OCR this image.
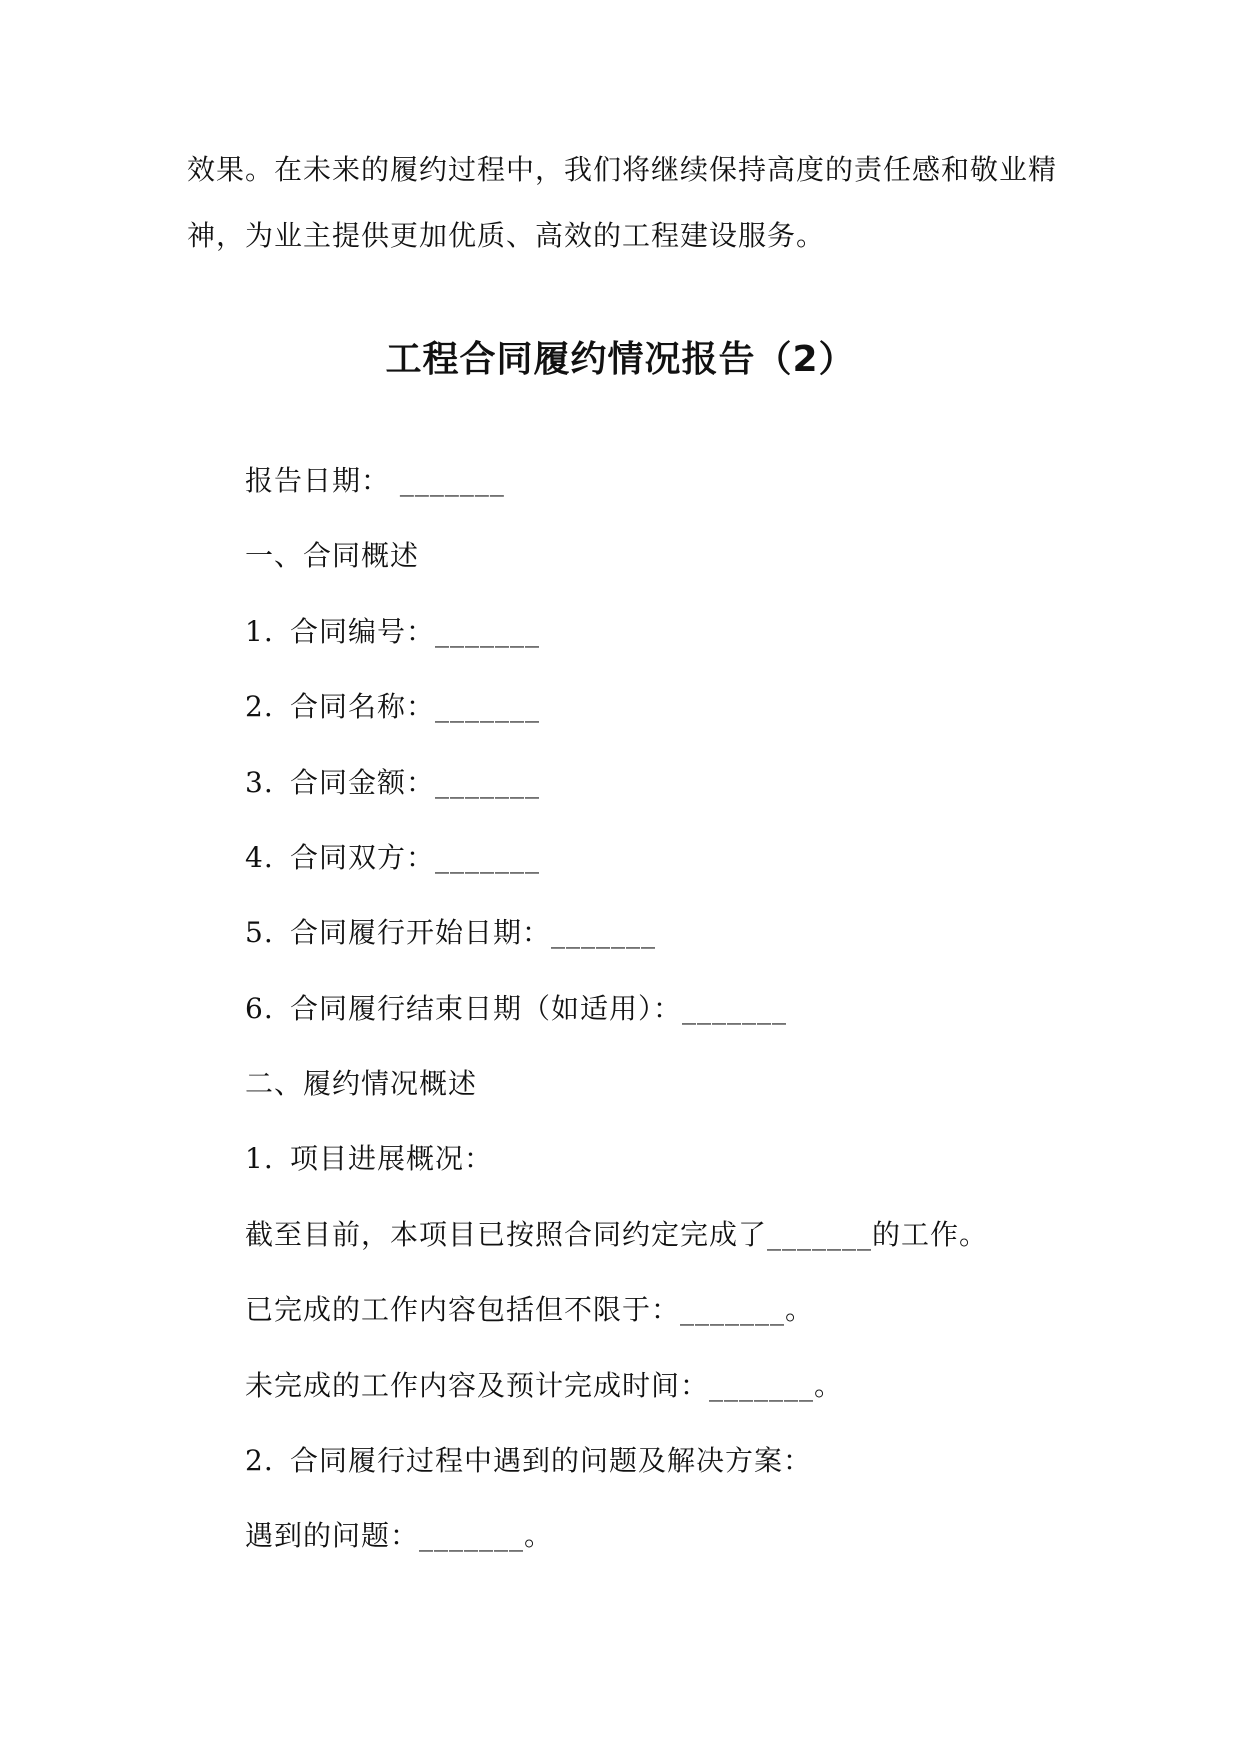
效果。在未来的履约过程中，我们将继续保持高度的责任感和敬业精
神，为业主提供更加优质、高效的工程建设服务。
工程合同履约情况报告（2）
报告日期： _______
一、合同概述
1. 合同编号：_______
2. 合同名称：_______
3. 合同金额：_______
4. 合同双方：_______
5. 合同履行开始日期：_______
6. 合同履行结束日期（如适用）：_______
二、履约情况概述
1. 项目进展概况：
截至目前，本项目已按照合同约定完成了_______的工作。
已完成的工作内容包括但不限于：_______。
未完成的工作内容及预计完成时间：_______。
2. 合同履行过程中遇到的问题及解决方案：
遇到的问题：_______。
